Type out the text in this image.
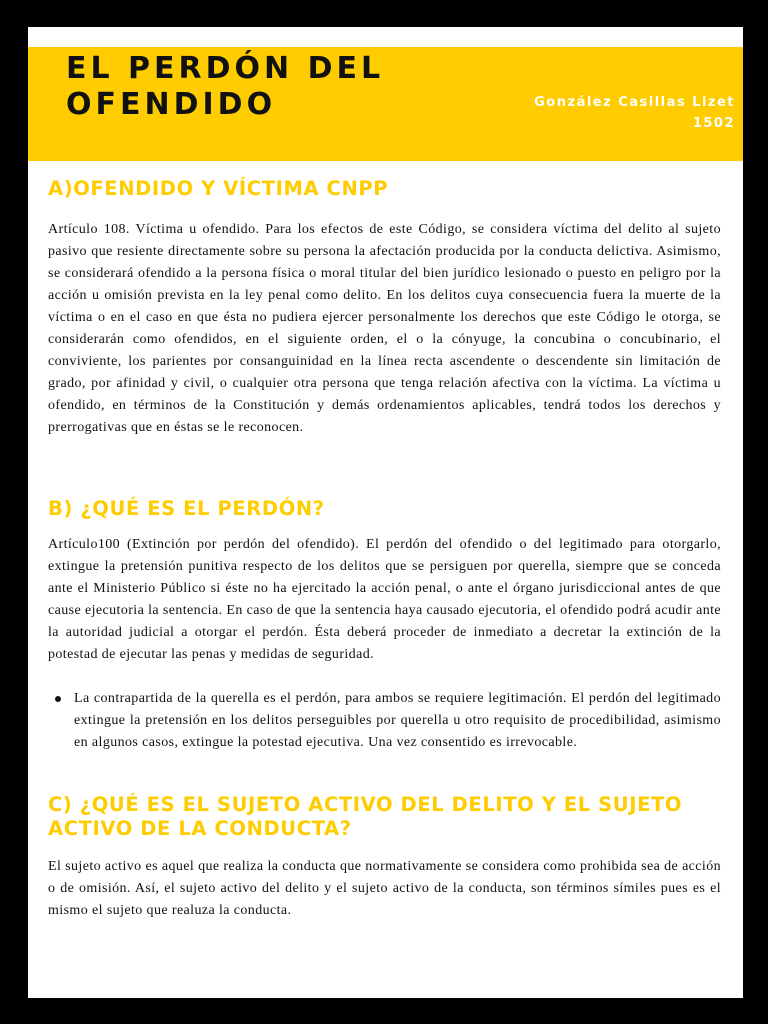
EL PERDÓN DEL
OFENDIDO	González Casillas Lizet
1502
A)OFENDIDO Y VÍCTIMA CNPP

Artículo 108. Víctima u ofendido. Para los efectos de este Código, se considera víctima del delito al sujeto pasivo que resiente directamente sobre su persona la afectación producida por la conducta delictiva. Asimismo, se considerará ofendido a la persona física o moral titular del bien jurídico lesionado o puesto en peligro por la acción u omisión prevista en la ley penal como delito. En los delitos cuya consecuencia fuera la muerte de la víctima o en el caso en que ésta no pudiera ejercer personalmente los derechos que este Código le otorga, se considerarán como ofendidos, en el siguiente orden, el o la cónyuge, la concubina o concubinario, el conviviente, los parientes por consanguinidad en la línea recta ascendente o descendente sin limitación de grado, por afinidad y civil, o cualquier otra persona que tenga relación afectiva con la víctima. La víctima u ofendido, en términos de la Constitución y demás ordenamientos aplicables, tendrá todos los derechos y prerrogativas que en éstas se le reconocen.

B) ¿QUÉ ES EL PERDÓN?

Artículo100 (Extinción por perdón del ofendido). El perdón del ofendido o del legitimado para otorgarlo, extingue la pretensión punitiva respecto de los delitos que se persiguen por querella, siempre que se conceda ante el Ministerio Público si éste no ha ejercitado la acción penal, o ante el órgano jurisdiccional antes de que cause ejecutoria la sentencia. En caso de que la sentencia haya causado ejecutoria, el ofendido podrá acudir ante la autoridad judicial a otorgar el perdón. Ésta deberá proceder de inmediato a decretar la extinción de la potestad de ejecutar las penas y medidas de seguridad.

La contrapartida de la querella es el perdón, para ambos se requiere legitimación. El perdón del legitimado extingue la pretensión en los delitos perseguibles por querella u otro requisito de procedibilidad, asimismo en algunos casos, extingue la potestad ejecutiva. Una vez consentido es irrevocable.
C) ¿QUÉ ES EL SUJETO ACTIVO DEL DELITO Y EL SUJETO
ACTIVO DE LA CONDUCTA?

El sujeto activo es aquel que realiza la conducta que normativamente se considera como prohibida sea de acción o de omisión. Así, el sujeto activo del delito y el sujeto activo de la conducta, son términos símiles pues es el mismo el sujeto que realuza la conducta.
